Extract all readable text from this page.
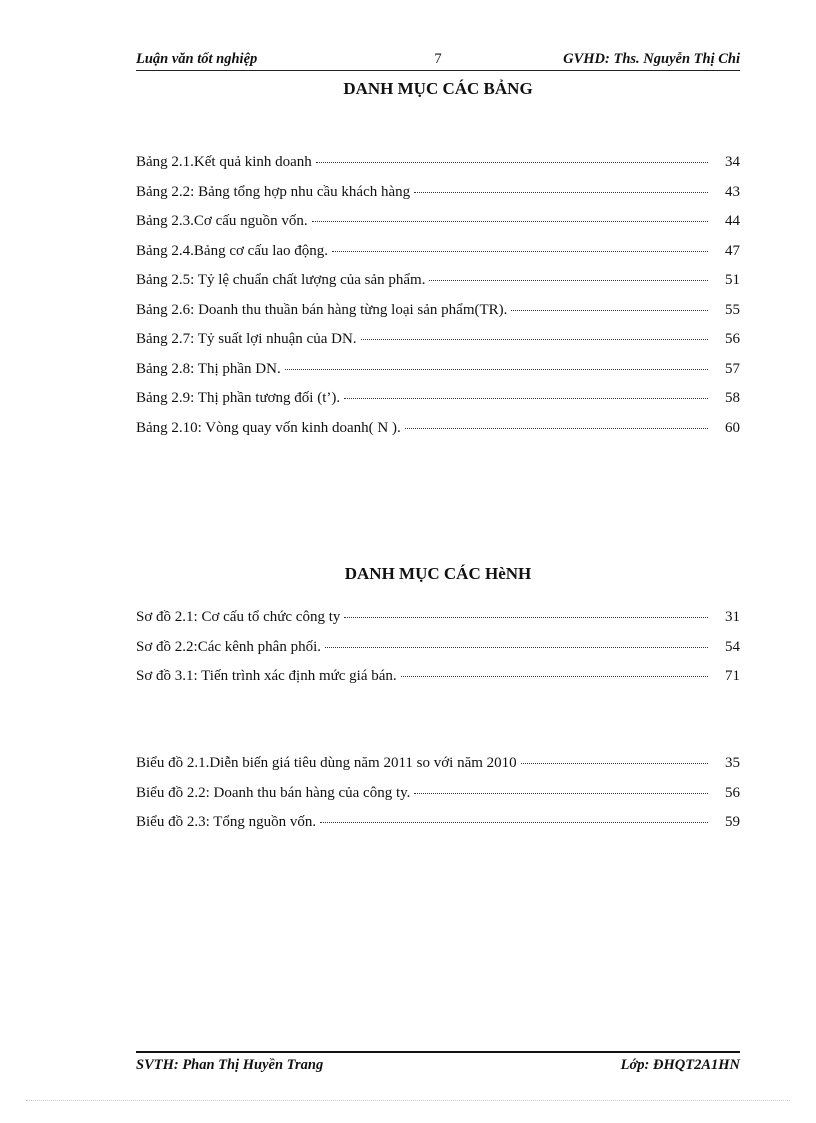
Luận văn tốt nghiệp	7	GVHD: Ths. Nguyễn Thị Chi
DANH MỤC CÁC BẢNG
Bảng 2.1.Kết quả kinh doanh	34
Bảng 2.2: Bảng tổng hợp nhu cầu khách hàng	43
Bảng 2.3.Cơ cấu nguồn vốn.	44
Bảng 2.4.Bảng cơ cấu lao động.	47
Bảng 2.5: Tỷ lệ chuẩn chất lượng của sản phẩm.	51
Bảng 2.6: Doanh thu thuần bán hàng từng loại sản phẩm(TR).	55
Bảng 2.7: Tỷ suất lợi nhuận của DN.	56
Bảng 2.8: Thị phần DN.	57
Bảng 2.9: Thị phần tương đối (t’).	58
Bảng 2.10: Vòng quay vốn kinh doanh( N ).	60
DANH MỤC CÁC HèNH
Sơ đồ 2.1: Cơ cấu tổ chức công ty	31
Sơ đồ 2.2:Các kênh phân phối.	54
Sơ đồ 3.1: Tiến trình xác định mức giá bán.	71
Biểu đồ 2.1.Diễn biến giá tiêu dùng năm 2011 so với năm 2010	35
Biểu đồ 2.2: Doanh thu bán hàng của công ty.	56
Biểu đồ 2.3: Tổng nguồn vốn.	59
SVTH: Phan Thị Huyền Trang	Lớp: ĐHQT2A1HN
